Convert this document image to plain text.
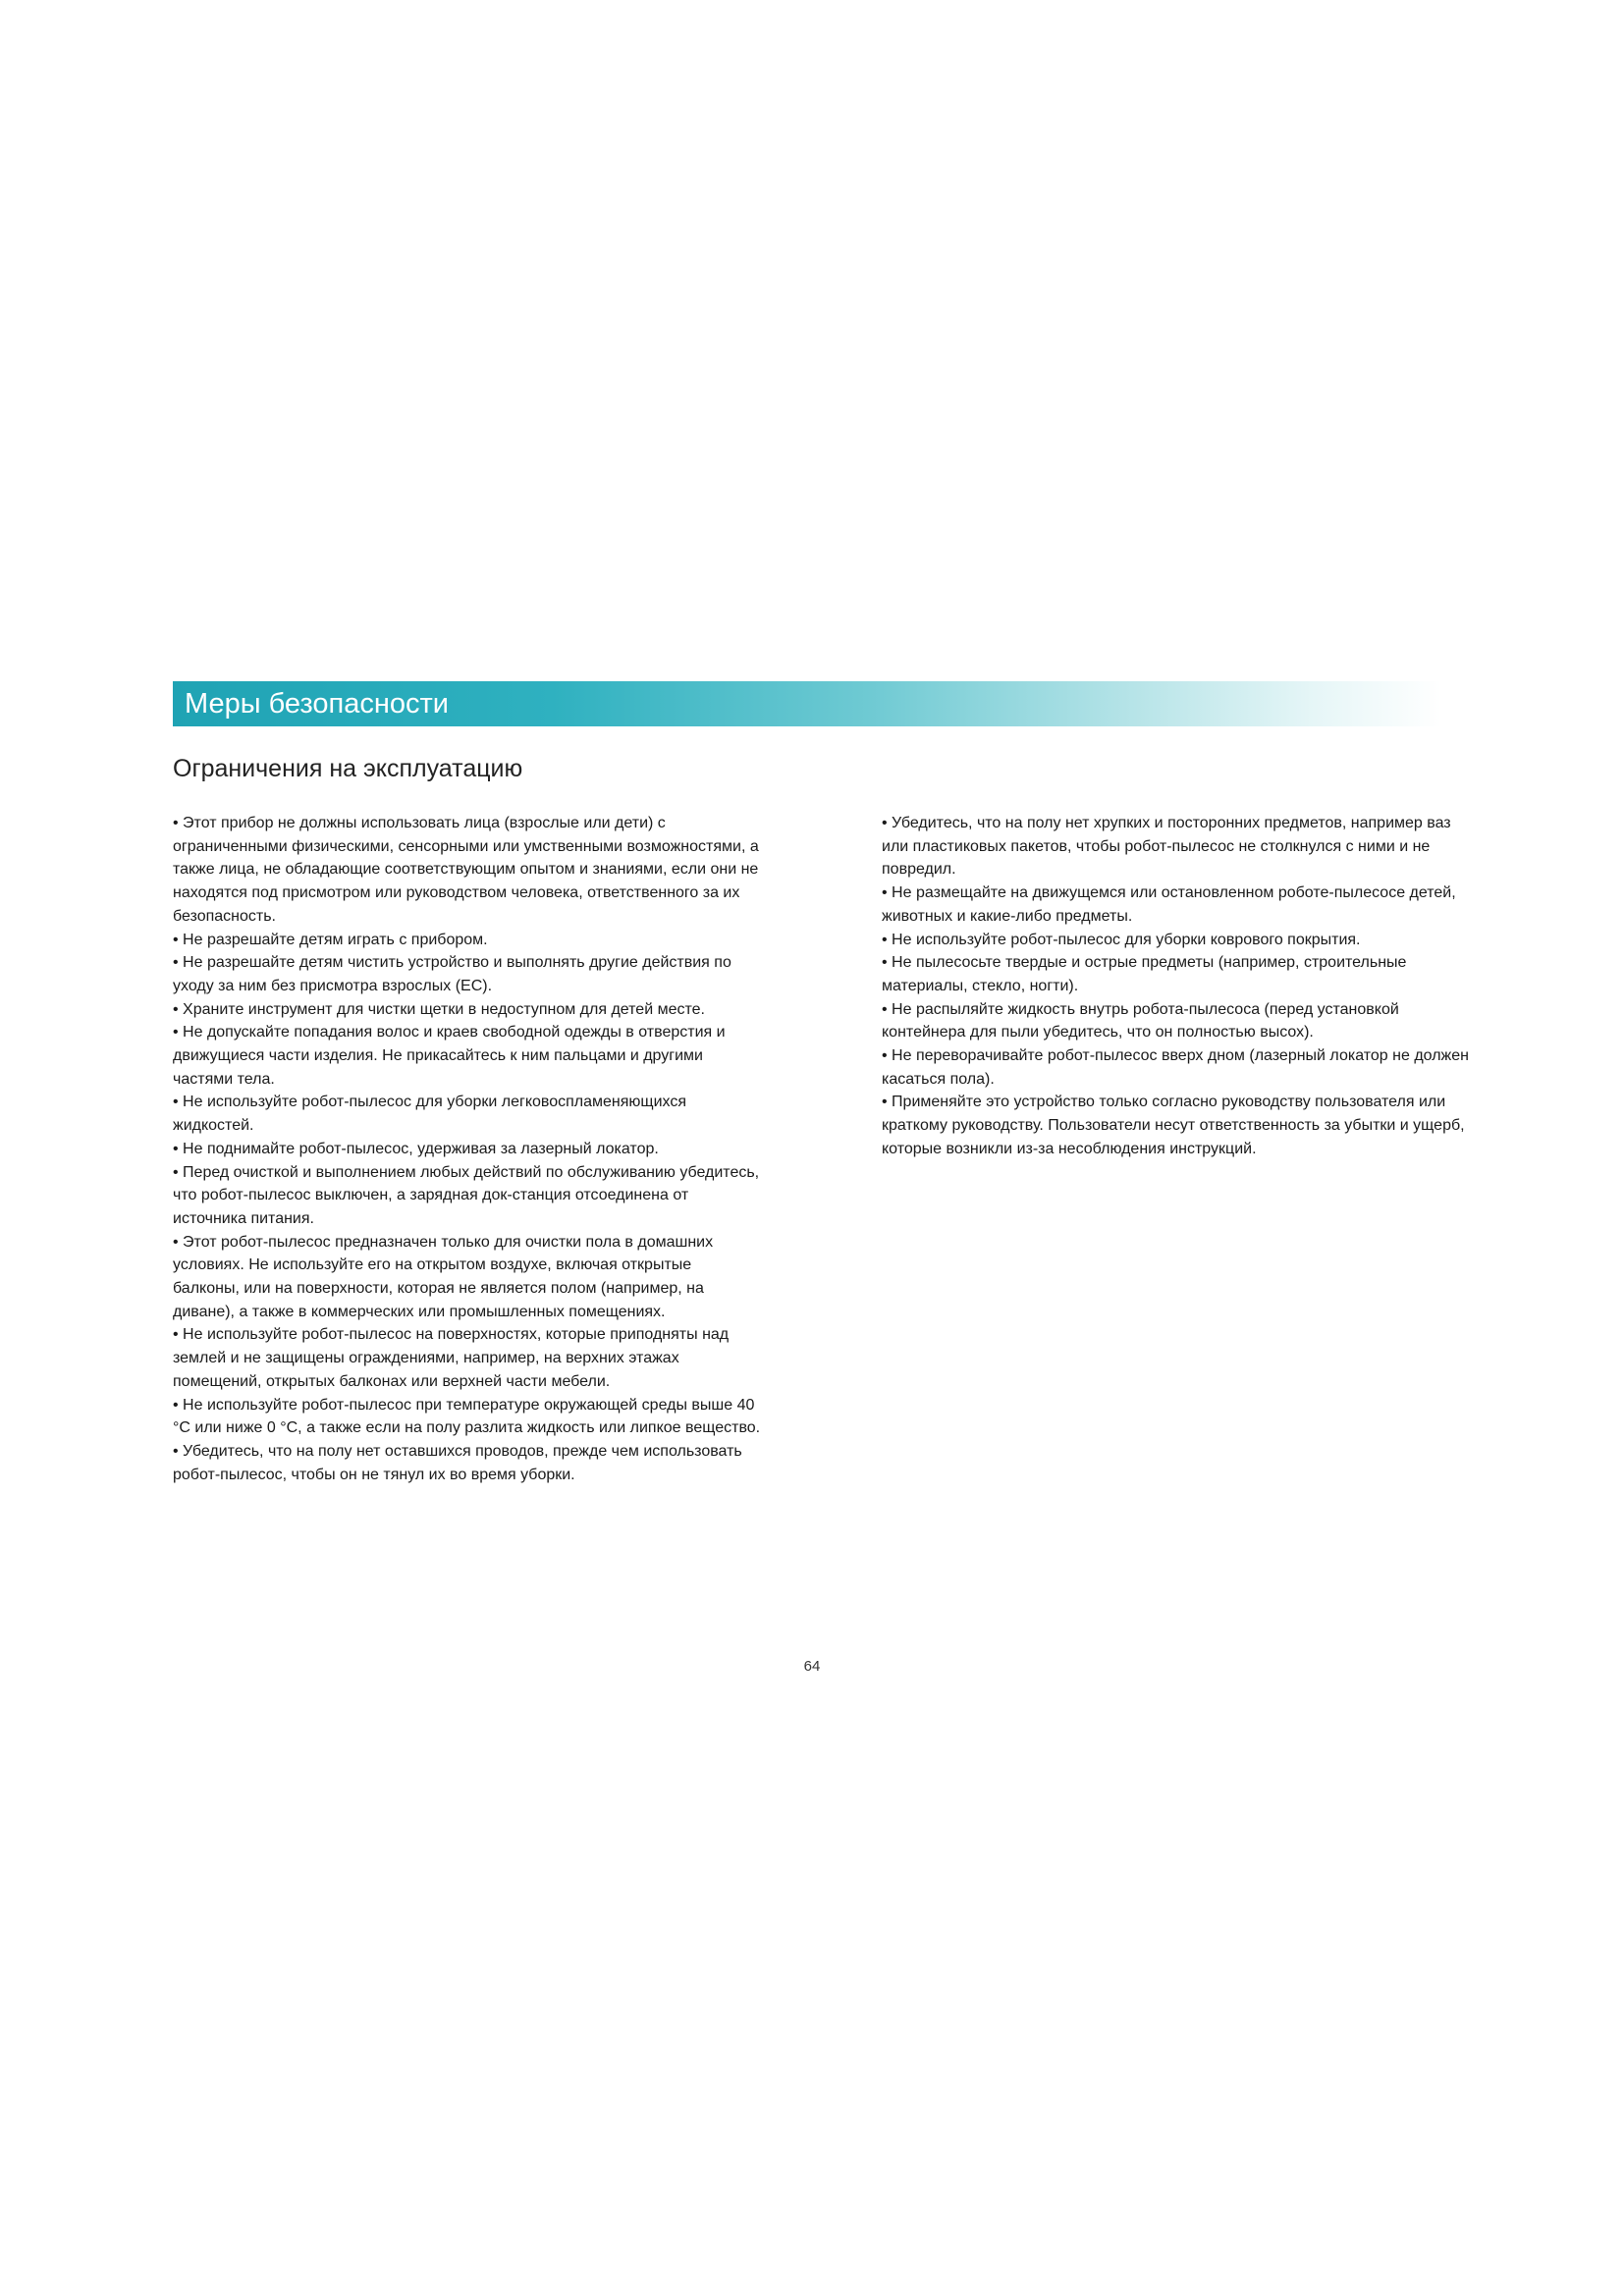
Меры безопасности
Ограничения на эксплуатацию

• Этот прибор не должны использовать лица (взрослые или дети) с ограниченными физическими, сенсорными или умственными возможностями, а также лица, не обладающие соответствующим опытом и знаниями, если они не находятся под присмотром или руководством человека, ответственного за их безопасность.

• Не разрешайте детям играть с прибором.

• Не разрешайте детям чистить устройство и выполнять другие действия по уходу за ним без присмотра взрослых (ЕС).

• Храните инструмент для чистки щетки в недоступном для детей месте.

• Не допускайте попадания волос и краев свободной одежды в отверстия и движущиеся части изделия. Не прикасайтесь к ним пальцами и другими частями тела.

• Не используйте робот-пылесос для уборки легковоспламеняющихся жидкостей.

• Не поднимайте робот-пылесос, удерживая за лазерный локатор.

• Перед очисткой и выполнением любых действий по обслуживанию убедитесь, что робот-пылесос выключен, а зарядная док-станция отсоединена от источника питания.

• Этот робот-пылесос предназначен только для очистки пола в домашних условиях. Не используйте его на открытом воздухе, включая открытые балконы, или на поверхности, которая не является полом (например, на диване), а также в коммерческих или промышленных помещениях.

• Не используйте робот-пылесос на поверхностях, которые приподняты над землей и не защищены ограждениями, например, на верхних этажах помещений, открытых балконах или верхней части мебели.

• Не используйте робот-пылесос при температуре окружающей среды выше 40 °C или ниже 0 °C, а также если на полу разлита жидкость или липкое вещество.

• Убедитесь, что на полу нет оставшихся проводов, прежде чем использовать робот-пылесос, чтобы он не тянул их во время уборки.

• Убедитесь, что на полу нет хрупких и посторонних предметов, например ваз или пластиковых пакетов, чтобы робот-пылесос не столкнулся с ними и не повредил.

• Не размещайте на движущемся или остановленном роботе-пылесосе детей, животных и какие-либо предметы.

• Не используйте робот-пылесос для уборки коврового покрытия.

• Не пылесосьте твердые и острые предметы (например, строительные материалы, стекло, ногти).

• Не распыляйте жидкость внутрь робота-пылесоса (перед установкой контейнера для пыли убедитесь, что он полностью высох).

• Не переворачивайте робот-пылесос вверх дном (лазерный локатор не должен касаться пола).

• Применяйте это устройство только согласно руководству пользователя или краткому руководству. Пользователи несут ответственность за убытки и ущерб, которые возникли из-за несоблюдения инструкций.

64
